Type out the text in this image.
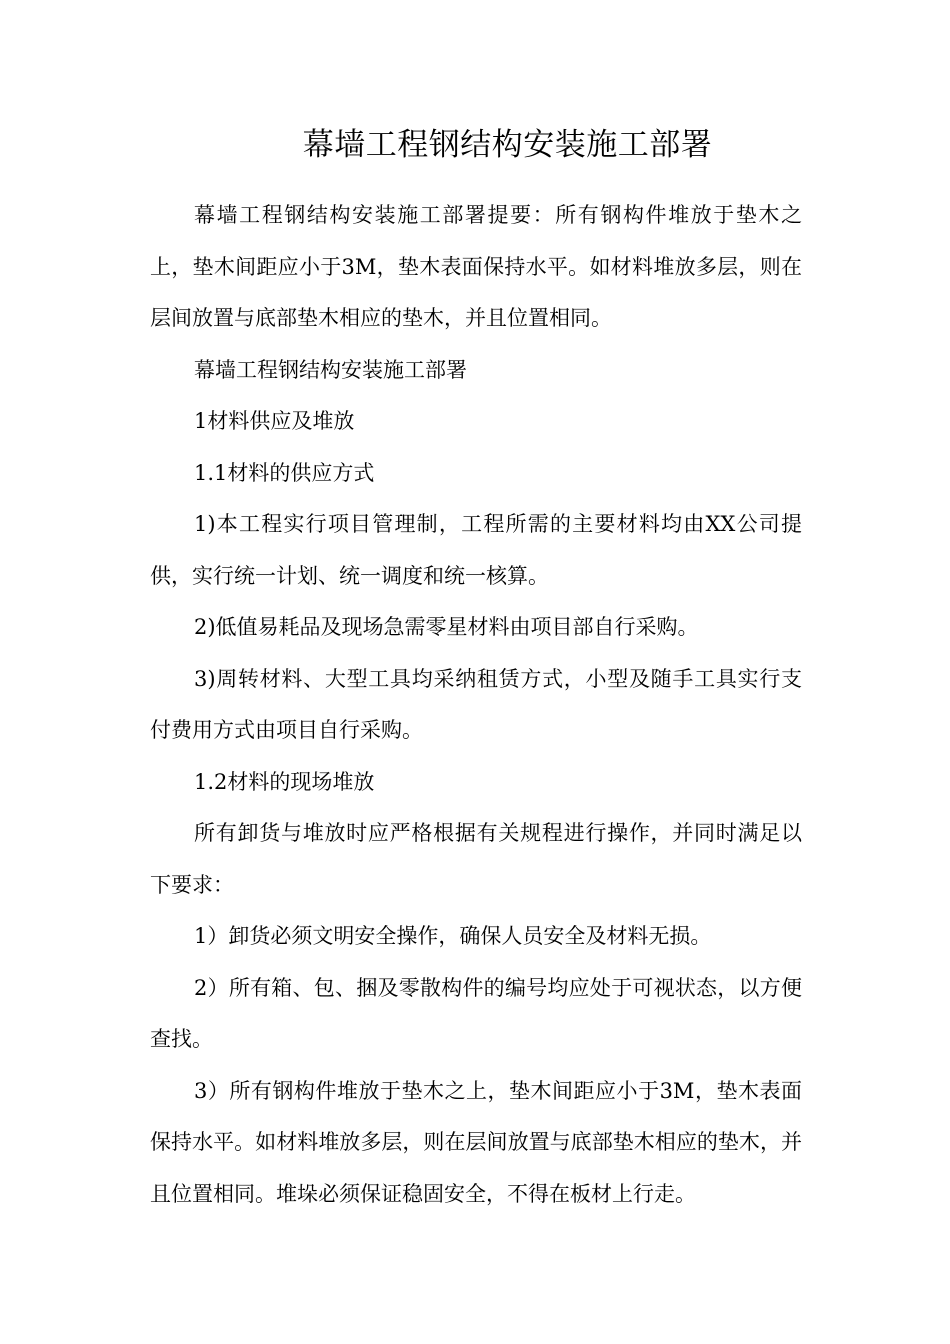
幕墙工程钢结构安装施工部署

幕墙工程钢结构安装施工部署提要：所有钢构件堆放于垫木之上，垫木间距应小于3M，垫木表面保持水平。如材料堆放多层，则在层间放置与底部垫木相应的垫木，并且位置相同。

幕墙工程钢结构安装施工部署

1材料供应及堆放

1.1材料的供应方式

1)本工程实行项目管理制，工程所需的主要材料均由XX公司提供，实行统一计划、统一调度和统一核算。

2)低值易耗品及现场急需零星材料由项目部自行采购。

3)周转材料、大型工具均采纳租赁方式，小型及随手工具实行支付费用方式由项目自行采购。

1.2材料的现场堆放

所有卸货与堆放时应严格根据有关规程进行操作，并同时满足以下要求：

1）卸货必须文明安全操作，确保人员安全及材料无损。

2）所有箱、包、捆及零散构件的编号均应处于可视状态，以方便查找。

3）所有钢构件堆放于垫木之上，垫木间距应小于3M，垫木表面保持水平。如材料堆放多层，则在层间放置与底部垫木相应的垫木，并且位置相同。堆垛必须保证稳固安全，不得在板材上行走。
